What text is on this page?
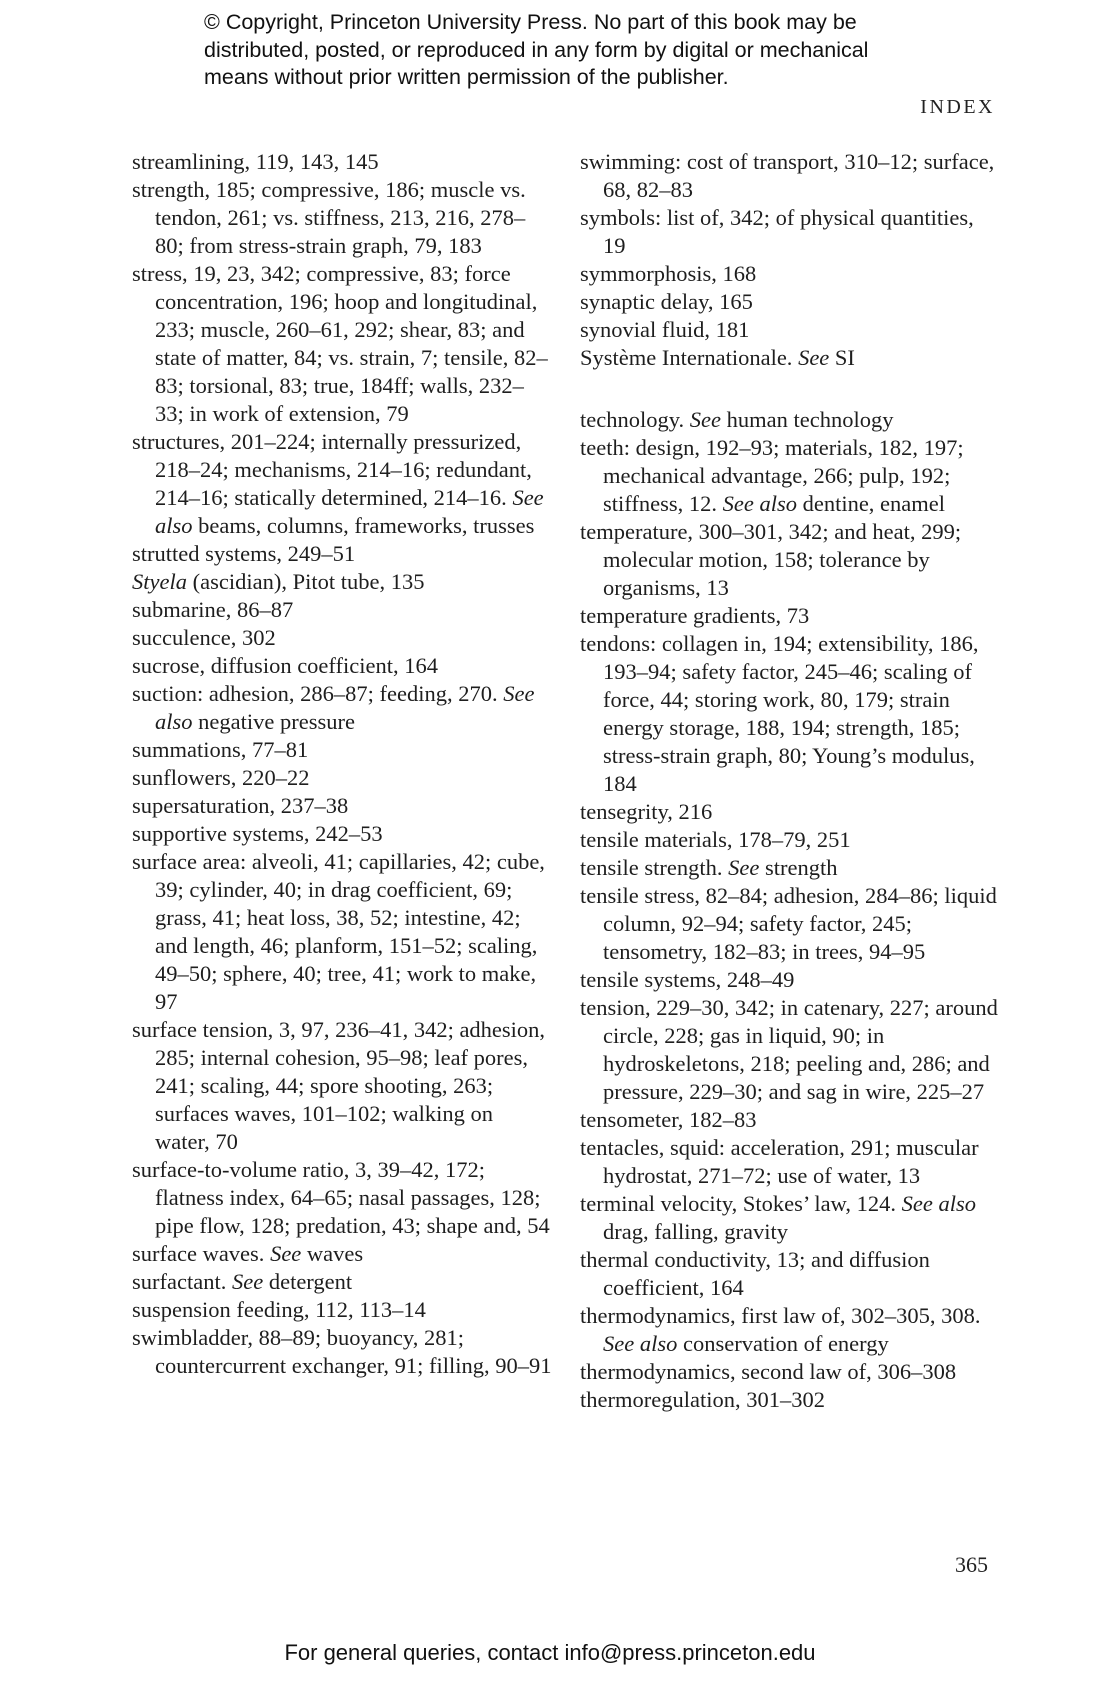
© Copyright, Princeton University Press. No part of this book may be
distributed, posted, or reproduced in any form by digital or mechanical
means without prior written permission of the publisher.
INDEX

streamlining, 119, 143, 145

strength, 185; compressive, 186; muscle vs. tendon, 261; vs. stiffness, 213, 216, 278–80; from stress-strain graph, 79, 183

stress, 19, 23, 342; compressive, 83; force concentration, 196; hoop and longitudinal, 233; muscle, 260–61, 292; shear, 83; and state of matter, 84; vs. strain, 7; tensile, 82–83; torsional, 83; true, 184ff; walls, 232–33; in work of extension, 79

structures, 201–224; internally pressurized, 218–24; mechanisms, 214–16; redundant, 214–16; statically determined, 214–16. See also beams, columns, frameworks, trusses

strutted systems, 249–51

Styela (ascidian), Pitot tube, 135

submarine, 86–87

succulence, 302

sucrose, diffusion coefficient, 164

suction: adhesion, 286–87; feeding, 270. See also negative pressure

summations, 77–81

sunflowers, 220–22

supersaturation, 237–38

supportive systems, 242–53

surface area: alveoli, 41; capillaries, 42; cube, 39; cylinder, 40; in drag coefficient, 69; grass, 41; heat loss, 38, 52; intestine, 42; and length, 46; planform, 151–52; scaling, 49–50; sphere, 40; tree, 41; work to make, 97

surface tension, 3, 97, 236–41, 342; adhesion, 285; internal cohesion, 95–98; leaf pores, 241; scaling, 44; spore shooting, 263; surfaces waves, 101–102; walking on water, 70

surface-to-volume ratio, 3, 39–42, 172; flatness index, 64–65; nasal passages, 128; pipe flow, 128; predation, 43; shape and, 54

surface waves. See waves

surfactant. See detergent

suspension feeding, 112, 113–14

swimbladder, 88–89; buoyancy, 281; countercurrent exchanger, 91; filling, 90–91

swimming: cost of transport, 310–12; surface, 68, 82–83

symbols: list of, 342; of physical quantities, 19

symmorphosis, 168

synaptic delay, 165

synovial fluid, 181

Système Internationale. See SI

technology. See human technology

teeth: design, 192–93; materials, 182, 197; mechanical advantage, 266; pulp, 192; stiffness, 12. See also dentine, enamel

temperature, 300–301, 342; and heat, 299; molecular motion, 158; tolerance by organisms, 13

temperature gradients, 73

tendons: collagen in, 194; extensibility, 186, 193–94; safety factor, 245–46; scaling of force, 44; storing work, 80, 179; strain energy storage, 188, 194; strength, 185; stress-strain graph, 80; Young’s modulus, 184

tensegrity, 216

tensile materials, 178–79, 251

tensile strength. See strength

tensile stress, 82–84; adhesion, 284–86; liquid column, 92–94; safety factor, 245; tensometry, 182–83; in trees, 94–95

tensile systems, 248–49

tension, 229–30, 342; in catenary, 227; around circle, 228; gas in liquid, 90; in hydroskeletons, 218; peeling and, 286; and pressure, 229–30; and sag in wire, 225–27

tensometer, 182–83

tentacles, squid: acceleration, 291; muscular hydrostat, 271–72; use of water, 13

terminal velocity, Stokes’ law, 124. See also drag, falling, gravity

thermal conductivity, 13; and diffusion coefficient, 164

thermodynamics, first law of, 302–305, 308. See also conservation of energy

thermodynamics, second law of, 306–308

thermoregulation, 301–302

365
For general queries, contact info@press.princeton.edu
